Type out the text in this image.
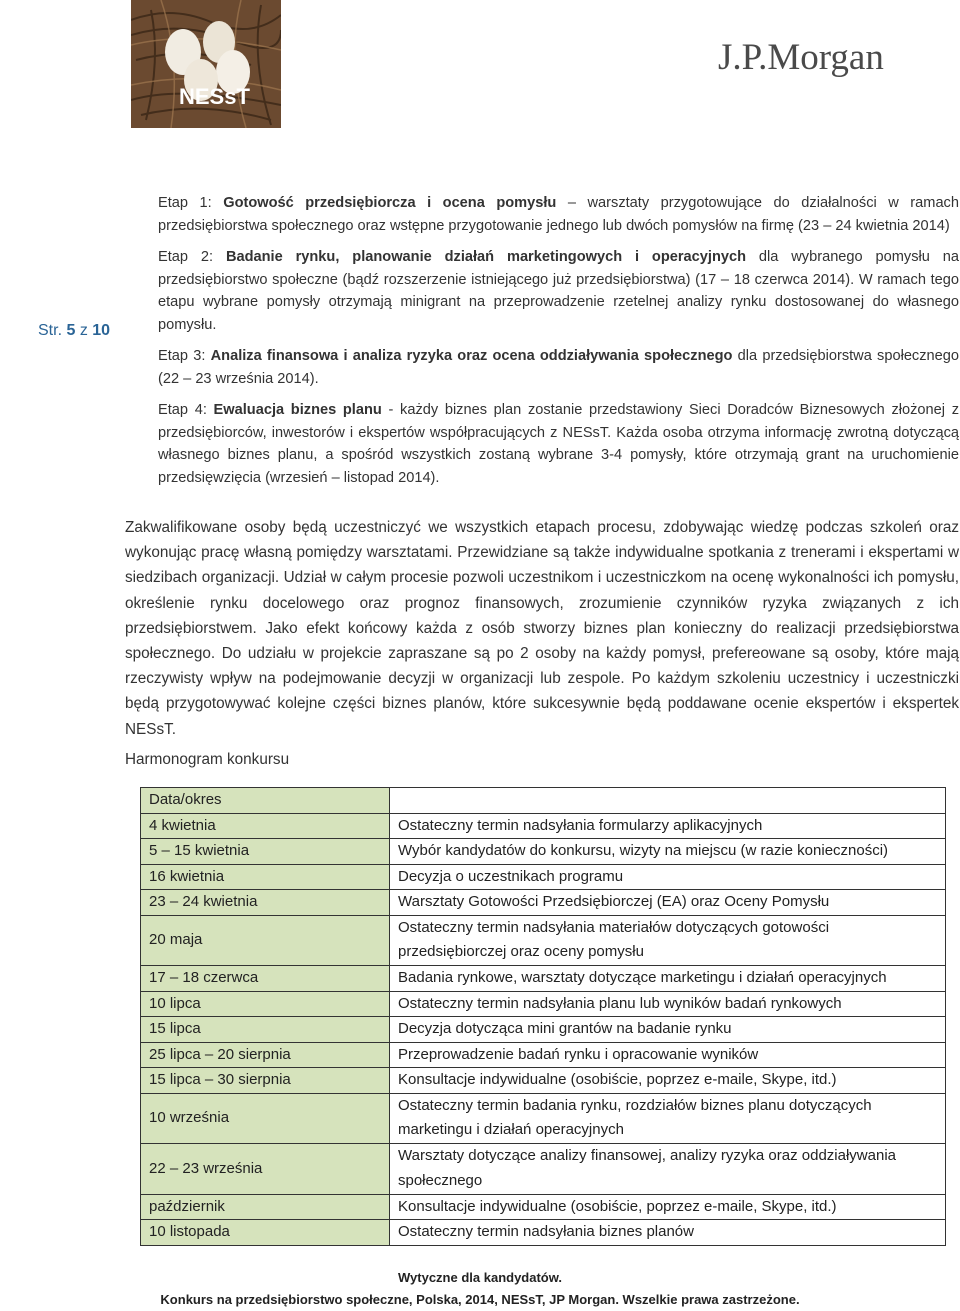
NESsT
J.P.Morgan
Str. 5 z 10

Etap 1: Gotowość przedsiębiorcza i ocena pomysłu – warsztaty przygotowujące do działalności w ramach przedsiębiorstwa społecznego oraz wstępne przygotowanie jednego lub dwóch pomysłów na firmę (23 – 24 kwietnia 2014)

Etap 2: Badanie rynku, planowanie działań marketingowych i operacyjnych dla wybranego pomysłu na przedsiębiorstwo społeczne (bądź rozszerzenie istniejącego już przedsiębiorstwa) (17 – 18 czerwca 2014). W ramach tego etapu wybrane pomysły otrzymają minigrant na przeprowadzenie rzetelnej analizy rynku dostosowanej do własnego pomysłu.

Etap 3: Analiza finansowa i analiza ryzyka oraz ocena oddziaływania społecznego dla przedsiębiorstwa społecznego (22 – 23 września 2014).

Etap 4: Ewaluacja biznes planu - każdy biznes plan zostanie przedstawiony Sieci Doradców Biznesowych złożonej z przedsiębiorców, inwestorów i ekspertów współpracujących z NESsT. Każda osoba otrzyma informację zwrotną dotyczącą własnego biznes planu, a spośród wszystkich zostaną wybrane 3-4 pomysły, które otrzymają grant na uruchomienie przedsięwzięcia (wrzesień – listopad 2014).

Zakwalifikowane osoby będą uczestniczyć we wszystkich etapach procesu, zdobywając wiedzę podczas szkoleń oraz wykonując pracę własną pomiędzy warsztatami. Przewidziane są także indywidualne spotkania z trenerami i ekspertami w siedzibach organizacji. Udział w całym procesie pozwoli uczestnikom i uczestniczkom na ocenę wykonalności ich pomysłu, określenie rynku docelowego oraz prognoz finansowych, zrozumienie czynników ryzyka związanych z ich przedsiębiorstwem. Jako efekt końcowy każda z osób stworzy biznes plan konieczny do realizacji przedsiębiorstwa społecznego. Do udziału w projekcie zapraszane są po 2 osoby na każdy pomysł, prefereowane są osoby, które mają rzeczywisty wpływ na podejmowanie decyzji w organizacji lub zespole. Po każdym szkoleniu uczestnicy i uczestniczki będą przygotowywać kolejne części biznes planów, które sukcesywnie będą poddawane ocenie ekspertów i ekspertek NESsT.

Harmonogram konkursu
Data/okres	
4 kwietnia	Ostateczny termin nadsyłania formularzy aplikacyjnych
5 – 15 kwietnia	Wybór kandydatów do konkursu, wizyty na miejscu (w razie konieczności)
16 kwietnia	Decyzja o uczestnikach programu
23 – 24 kwietnia	Warsztaty Gotowości Przedsiębiorczej (EA) oraz Oceny Pomysłu
20 maja	Ostateczny termin nadsyłania materiałów dotyczących gotowości przedsiębiorczej oraz oceny pomysłu
17 – 18 czerwca	Badania rynkowe, warsztaty dotyczące marketingu i działań operacyjnych
10 lipca	Ostateczny termin nadsyłania planu lub wyników badań rynkowych
15 lipca	Decyzja dotycząca mini grantów na badanie rynku
25 lipca – 20 sierpnia	Przeprowadzenie badań rynku i opracowanie wyników
15 lipca – 30 sierpnia	Konsultacje indywidualne (osobiście, poprzez e-maile, Skype, itd.)
10 września	Ostateczny termin badania rynku, rozdziałów biznes planu dotyczących marketingu i działań operacyjnych
22 – 23 września	Warsztaty dotyczące analizy finansowej, analizy ryzyka oraz oddziaływania społecznego
październik	Konsultacje indywidualne (osobiście, poprzez e-maile, Skype, itd.)
10 listopada	Ostateczny termin nadsyłania biznes planów
Wytyczne dla kandydatów.
Konkurs na przedsiębiorstwo społeczne, Polska, 2014, NESsT, JP Morgan. Wszelkie prawa zastrzeżone.
